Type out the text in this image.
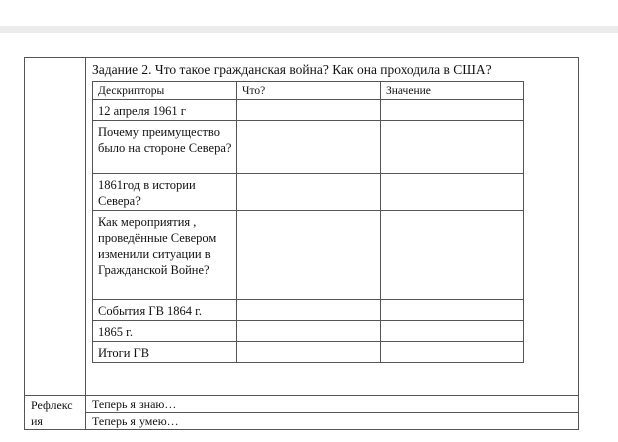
Задание 2. Что такое гражданская война? Как она проходила в США?
Дескрипторы	Что?	Значение
12 апреля 1961 г
Почему преимущество было на стороне Севера?
1861год в истории Севера?
Как мероприятия , проведённые Севером изменили ситуации в Гражданской Войне?
События ГВ 1864 г.
1865 г.
Итоги ГВ
Рефлекс
ия
Теперь я знаю…
Теперь я умею…
